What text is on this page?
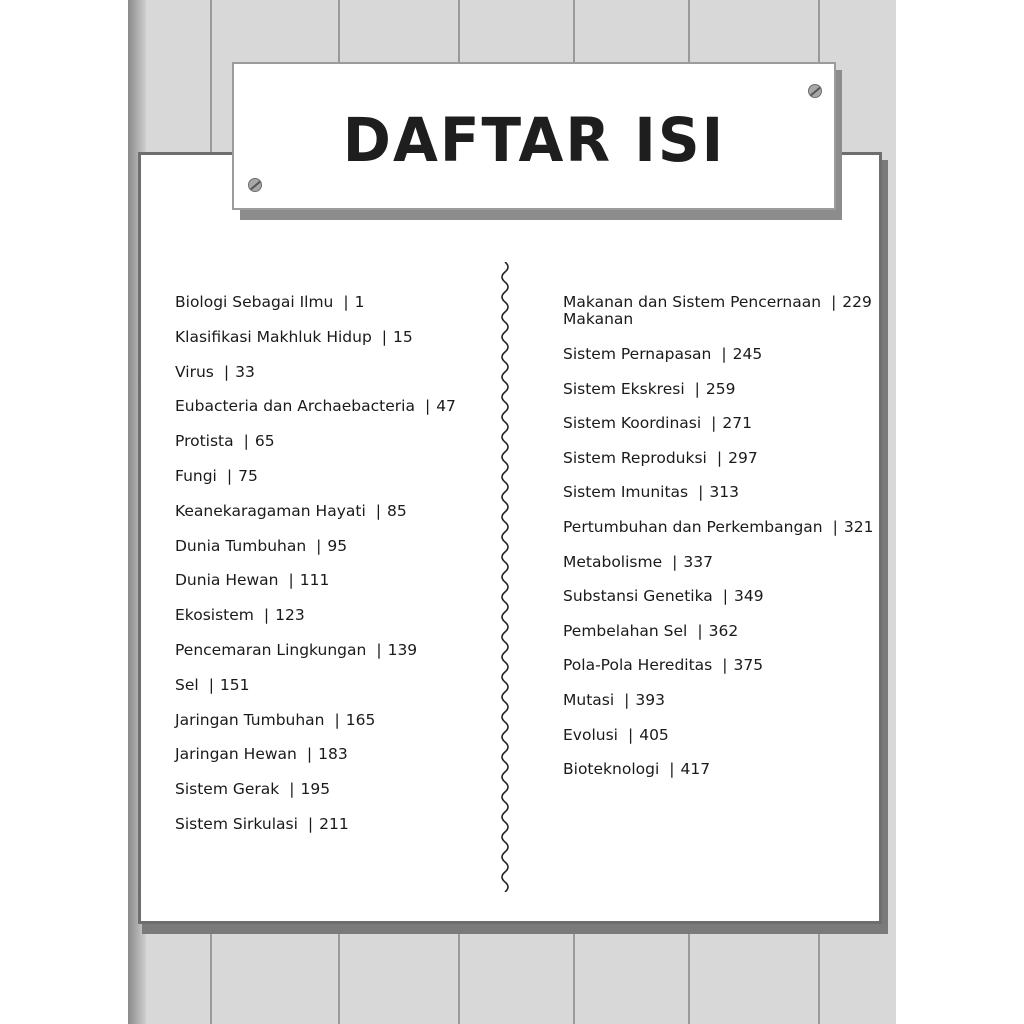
DAFTAR ISI
Biologi Sebagai Ilmu | 1
Klasifikasi Makhluk Hidup | 15
Virus | 33
Eubacteria dan Archaebacteria | 47
Protista | 65
Fungi | 75
Keanekaragaman Hayati | 85
Dunia Tumbuhan | 95
Dunia Hewan | 111
Ekosistem | 123
Pencemaran Lingkungan | 139
Sel | 151
Jaringan Tumbuhan | 165
Jaringan Hewan | 183
Sistem Gerak | 195
Sistem Sirkulasi | 211
Makanan dan Sistem Pencernaan
Makanan| 229
Sistem Pernapasan | 245
Sistem Ekskresi | 259
Sistem Koordinasi | 271
Sistem Reproduksi | 297
Sistem Imunitas | 313
Pertumbuhan dan Perkembangan | 321
Metabolisme | 337
Substansi Genetika | 349
Pembelahan Sel | 362
Pola-Pola Hereditas | 375
Mutasi | 393
Evolusi | 405
Bioteknologi | 417
